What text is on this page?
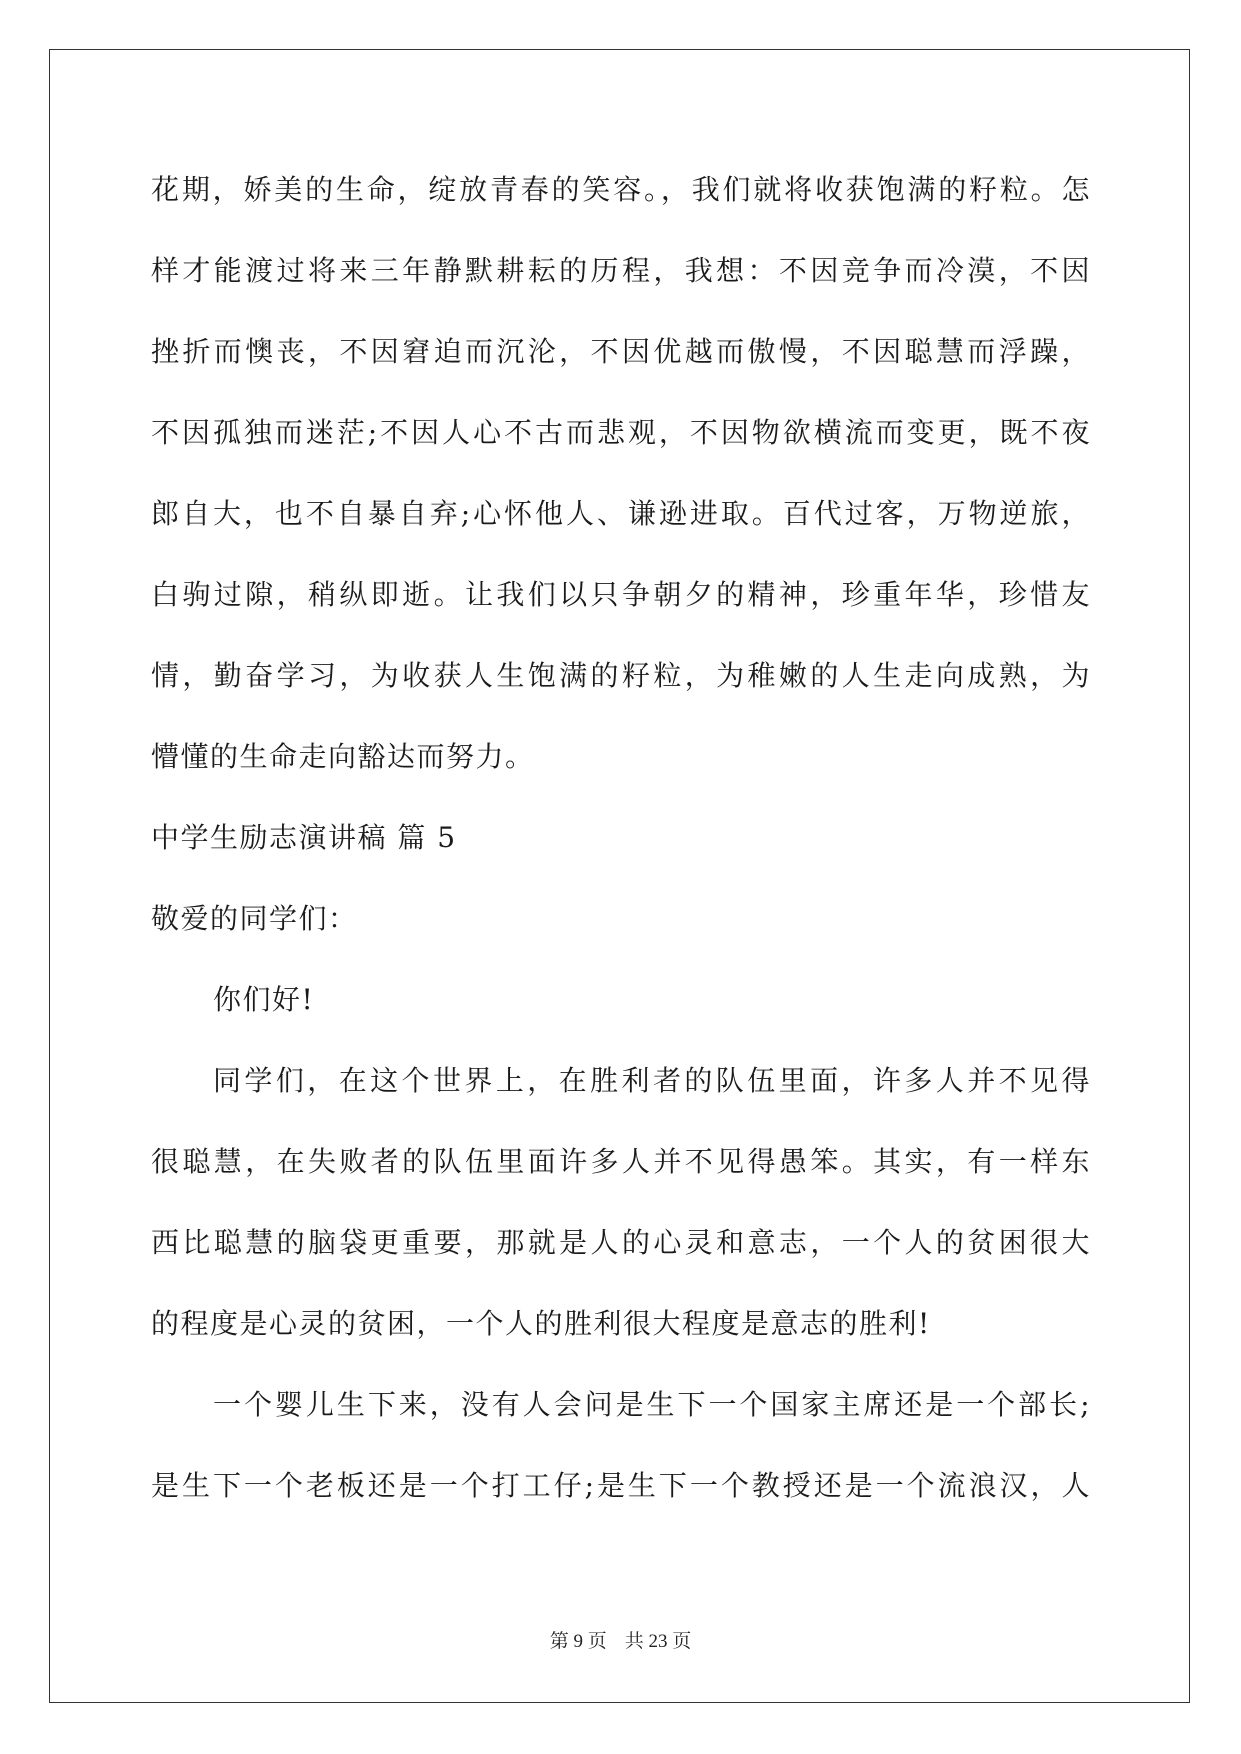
花期，娇美的生命，绽放青春的笑容。，我们就将收获饱满的籽粒。怎
样才能渡过将来三年静默耕耘的历程，我想：不因竞争而冷漠，不因
挫折而懊丧，不因窘迫而沉沦，不因优越而傲慢，不因聪慧而浮躁，
不因孤独而迷茫;不因人心不古而悲观，不因物欲横流而变更，既不夜
郎自大，也不自暴自弃;心怀他人、谦逊进取。百代过客，万物逆旅，
白驹过隙，稍纵即逝。让我们以只争朝夕的精神，珍重年华，珍惜友
情，勤奋学习，为收获人生饱满的籽粒，为稚嫩的人生走向成熟，为
懵懂的生命走向豁达而努力。
中学生励志演讲稿 篇 5
敬爱的同学们：
你们好!
同学们，在这个世界上，在胜利者的队伍里面，许多人并不见得
很聪慧，在失败者的队伍里面许多人并不见得愚笨。其实，有一样东
西比聪慧的脑袋更重要，那就是人的心灵和意志，一个人的贫困很大
的程度是心灵的贫困，一个人的胜利很大程度是意志的胜利!
一个婴儿生下来，没有人会问是生下一个国家主席还是一个部长;
是生下一个老板还是一个打工仔;是生下一个教授还是一个流浪汉，人
第 9 页 共 23 页
